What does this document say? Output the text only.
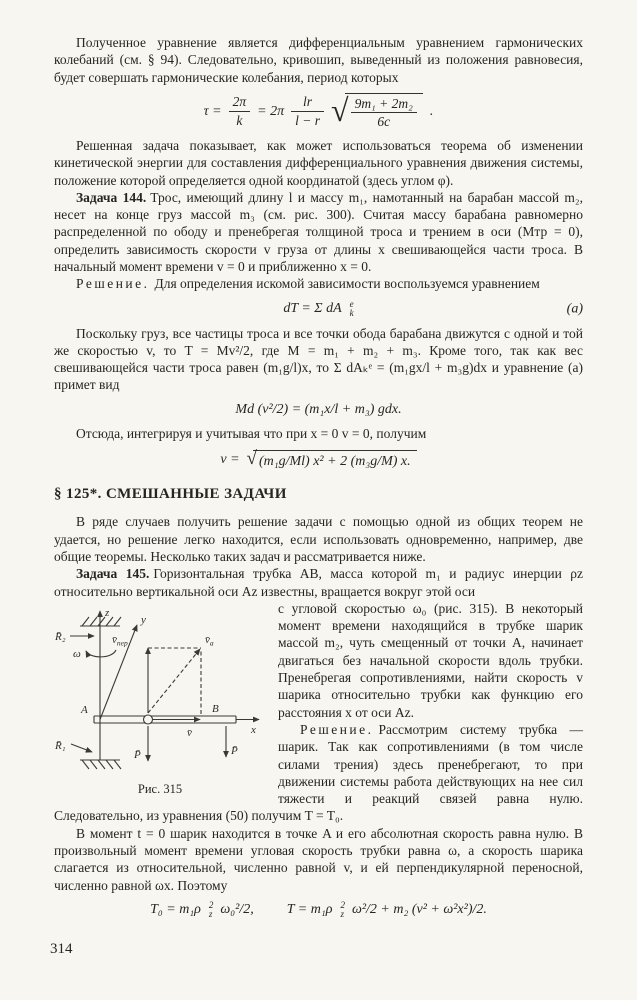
Полученное уравнение является дифференциальным уравнением гармонических колебаний (см. § 94). Следовательно, кривошип, выведенный из положения равновесия, будет совершать гармонические колебания, период которых

$\tau = \frac{2\pi}{k} = 2\pi \frac{lr}{l - r}$ √ $\frac{\text{9m₁ + 2m₂}}{6c}$ .

Решенная задача показывает, как может использоваться теорема об изменении кинетической энергии для составления дифференциального уравнения движения системы, положение которой определяется одной координатой (здесь углом φ).

Задача 144. Трос, имеющий длину l и массу m₁, намотанный на барабан массой m₂, несет на конце груз массой m₃ (см. рис. 300). Считая массу барабана равномерно распределенной по ободу и пренебрегая толщиной троса и трением в оси (Mтр = 0), определить зависимость скорости v груза от длины x свешивающейся части троса. В начальный момент времени v = 0 и приближенно x = 0.

Решение. Для определения искомой зависимости воспользуемся уравнением

dT = Σ dA e
k	(а)

Поскольку груз, все частицы троса и все точки обода барабана движутся с одной и той же скоростью v, то T = Mv²/2, где M = m₁ + m₂ + m₃. Кроме того, так как вес свешивающейся части троса равен (m₁g/l)x, то Σ dAₖᵉ = (m₁gx/l + m₃g)dx и уравнение (а) примет вид

Md (v²/2) = (m₁x/l + m₃) gdx.

Отсюда, интегрируя и учитывая что при x = 0 v = 0, получим

v = √ (m₁g/Ml) x² + 2 (m₃g/M) x.
§ 125*. СМЕШАННЫЕ ЗАДАЧИ

В ряде случаев получить решение задачи с помощью одной из общих теорем не удается, но решение легко находится, если использовать одновременно, например, две общие теоремы. Несколько таких задач и рассматривается ниже.

Задача 145. Горизонтальная трубка AB, масса которой m₁ и радиус инерции ρz относительно вертикальной оси Az известны, вращается вокруг этой оси

z
y
x
A	B
ω
R̄₂
R̄₁
$v̄_{пер}$	$v̄_а$
v̄
P̄	P̄
Рис. 315

с угловой скоростью ω₀ (рис. 315). В некоторый момент времени находящийся в трубке шарик массой m₂, чуть смещенный от точки A, начинает двигаться без начальной скорости вдоль трубки. Пренебрегая сопротивлениями, найти скорость v шарика относительно трубки как функцию его расстояния x от оси Az.

Решение. Рассмотрим систему трубка — шарик. Так как сопротивлениями (в том числе силами трения) здесь пренебрегают, то при движении системы работа действующих на нее сил тяжести и реакций связей равна нулю. Следовательно, из уравнения (50) получим T = T₀.

В момент t = 0 шарик находится в точке A и его абсолютная скорость равна нулю. В произвольный момент времени угловая скорость трубки равна ω, а скорость шарика слагается из относительной, численно равной v, и ей перпендикулярной переносной, численно равной ωx. Поэтому

T₀ = m₁ρ 2
z ω₀²/2, T = m₁ρ 2
z ω²/2 + m₂ (v² + ω²x²)/2.
314
